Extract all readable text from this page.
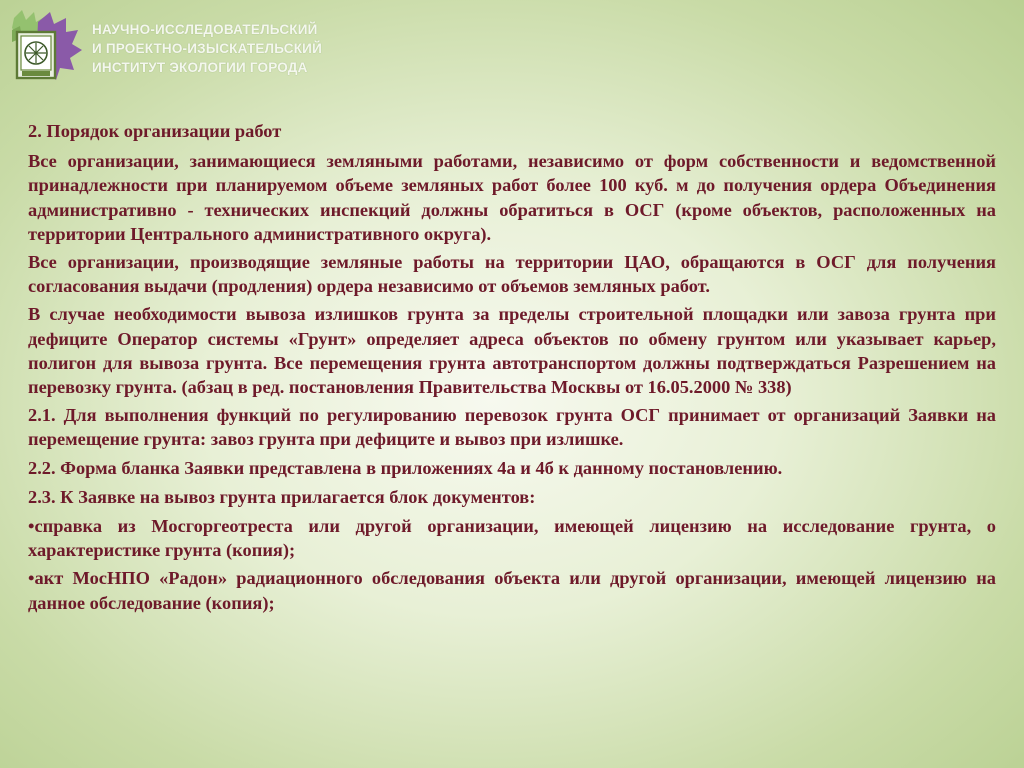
НАУЧНО-ИССЛЕДОВАТЕЛЬСКИЙ
И ПРОЕКТНО-ИЗЫСКАТЕЛЬСКИЙ
ИНСТИТУТ ЭКОЛОГИИ ГОРОДА

2. Порядок организации работ

Все организации, занимающиеся земляными работами, независимо от форм собственности и ведомственной принадлежности при планируемом объеме земляных работ более 100 куб. м до получения ордера Объединения административно - технических инспекций должны обратиться в ОСГ (кроме объектов, расположенных на территории Центрального административного округа).

Все организации, производящие земляные работы на территории ЦАО, обращаются в ОСГ для получения согласования выдачи (продления) ордера независимо от объемов земляных работ.

В случае необходимости вывоза излишков грунта за пределы строительной площадки или завоза грунта при дефиците Оператор системы «Грунт» определяет адреса объектов по обмену грунтом или указывает карьер, полигон для вывоза грунта. Все перемещения грунта автотранспортом должны подтверждаться Разрешением на перевозку грунта. (абзац в ред. постановления Правительства Москвы от 16.05.2000 № 338)

2.1. Для выполнения функций по регулированию перевозок грунта ОСГ принимает от организаций Заявки на перемещение грунта: завоз грунта при дефиците и вывоз при излишке.

2.2. Форма бланка Заявки представлена в приложениях 4а и 4б к данному постановлению.

2.3. К Заявке на вывоз грунта прилагается блок документов:

•справка из Мосгоргеотреста или другой организации, имеющей лицензию на исследование грунта, о характеристике грунта (копия);

•акт МосНПО «Радон» радиационного обследования объекта или другой организации, имеющей лицензию на данное обследование (копия);
